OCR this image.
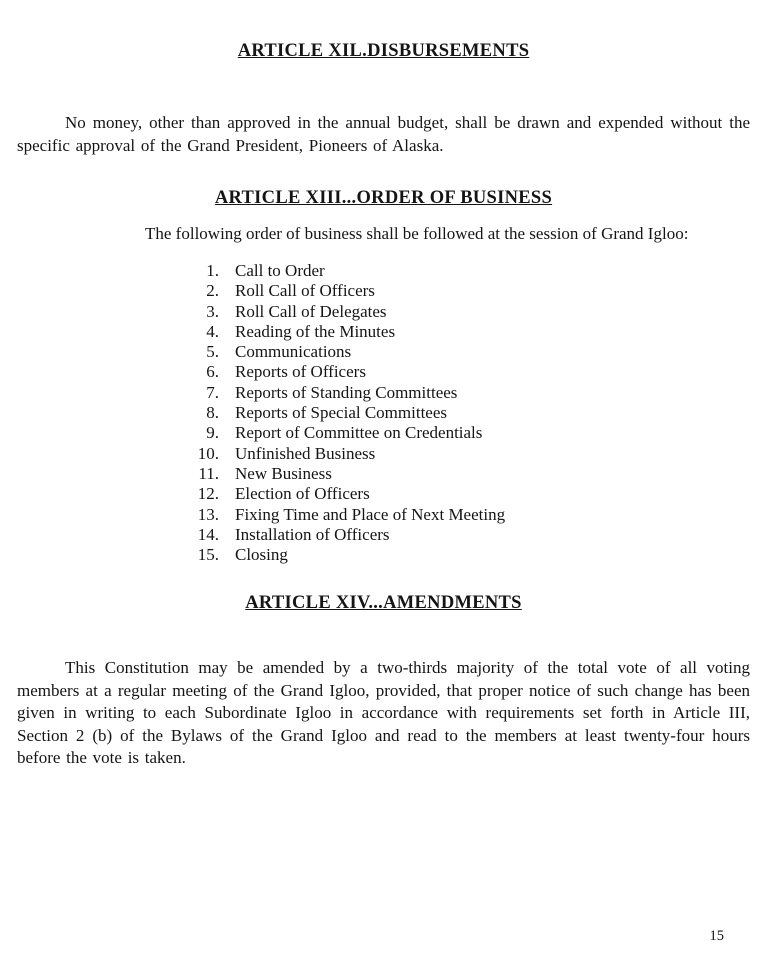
ARTICLE XIL.DISBURSEMENTS

No money, other than approved in the annual budget, shall be drawn and expended without the specific approval of the Grand President, Pioneers of Alaska.

ARTICLE XIII...ORDER OF BUSINESS

The following order of business shall be followed at the session of Grand Igloo:

1. Call to Order
2. Roll Call of Officers
3. Roll Call of Delegates
4. Reading of the Minutes
5. Communications
6. Reports of Officers
7. Reports of Standing Committees
8. Reports of Special Committees
9. Report of Committee on Credentials
10. Unfinished Business
11. New Business
12. Election of Officers
13. Fixing Time and Place of Next Meeting
14. Installation of Officers
15. Closing
ARTICLE XIV...AMENDMENTS

This Constitution may be amended by a two-thirds majority of the total vote of all voting members at a regular meeting of the Grand Igloo, provided, that proper notice of such change has been given in writing to each Subordinate Igloo in accordance with requirements set forth in Article III, Section 2 (b) of the Bylaws of the Grand Igloo and read to the members at least twenty-four hours before the vote is taken.

15
